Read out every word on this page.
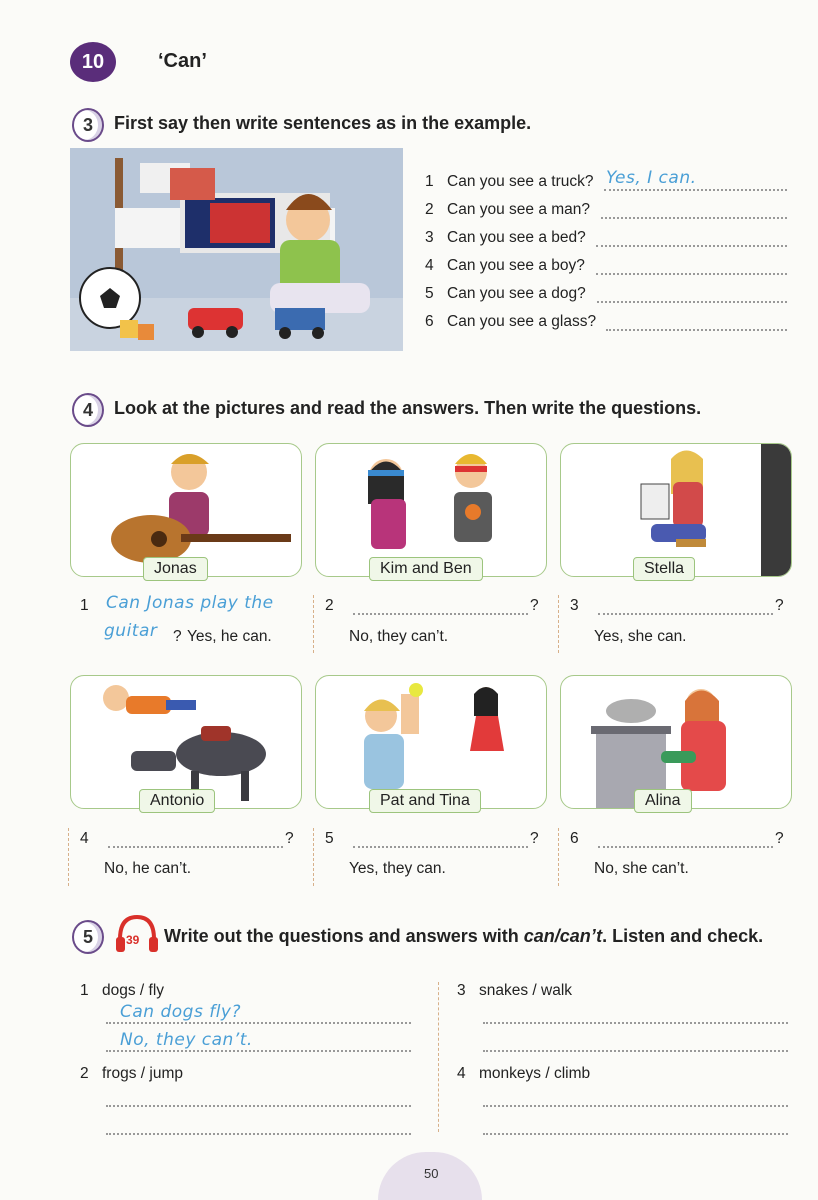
10	‘Can’
3	First say then write sentences as in the example.
1 Can you see a truck? Yes, I can.
2 Can you see a man?
3 Can you see a bed?
4 Can you see a boy?
5 Can you see a dog?
6 Can you see a glass?
4	Look at the pictures and read the answers. Then write the questions.
Jonas
1 Can Jonas play the
guitar ? Yes, he can.
Kim and Ben
2	?
No, they can’t.
Stella
3	?
Yes, she can.
Antonio
4	?
No, he can’t.
Pat and Tina
5	?
Yes, they can.
Alina
6	?
No, she can’t.
5	39 Write out the questions and answers with can/can’t. Listen and check.
1 dogs / fly
Can dogs fly?
No, they can’t.
2 frogs / jump
3 snakes / walk
4 monkeys / climb
50
